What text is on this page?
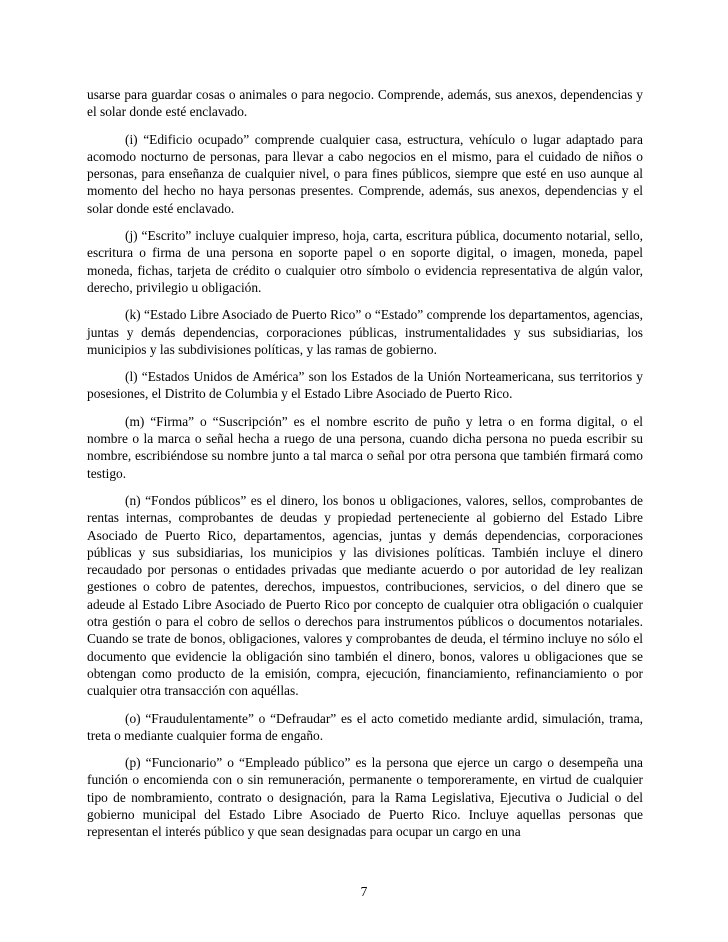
usarse para guardar cosas o animales o para negocio. Comprende, además, sus anexos, dependencias y el solar donde esté enclavado.

(i) “Edificio ocupado” comprende cualquier casa, estructura, vehículo o lugar adaptado para acomodo nocturno de personas, para llevar a cabo negocios en el mismo, para el cuidado de niños o personas, para enseñanza de cualquier nivel, o para fines públicos, siempre que esté en uso aunque al momento del hecho no haya personas presentes. Comprende, además, sus anexos, dependencias y el solar donde esté enclavado.

(j) “Escrito” incluye cualquier impreso, hoja, carta, escritura pública, documento notarial, sello, escritura o firma de una persona en soporte papel o en soporte digital, o imagen, moneda, papel moneda, fichas, tarjeta de crédito o cualquier otro símbolo o evidencia representativa de algún valor, derecho, privilegio u obligación.

(k) “Estado Libre Asociado de Puerto Rico” o “Estado” comprende los departamentos, agencias, juntas y demás dependencias, corporaciones públicas, instrumentalidades y sus subsidiarias, los municipios y las subdivisiones políticas, y las ramas de gobierno.

(l) “Estados Unidos de América” son los Estados de la Unión Norteamericana, sus territorios y posesiones, el Distrito de Columbia y el Estado Libre Asociado de Puerto Rico.

(m) “Firma” o “Suscripción” es el nombre escrito de puño y letra o en forma digital, o el nombre o la marca o señal hecha a ruego de una persona, cuando dicha persona no pueda escribir su nombre, escribiéndose su nombre junto a tal marca o señal por otra persona que también firmará como testigo.

(n) “Fondos públicos” es el dinero, los bonos u obligaciones, valores, sellos, comprobantes de rentas internas, comprobantes de deudas y propiedad perteneciente al gobierno del Estado Libre Asociado de Puerto Rico, departamentos, agencias, juntas y demás dependencias, corporaciones públicas y sus subsidiarias, los municipios y las divisiones políticas. También incluye el dinero recaudado por personas o entidades privadas que mediante acuerdo o por autoridad de ley realizan gestiones o cobro de patentes, derechos, impuestos, contribuciones, servicios, o del dinero que se adeude al Estado Libre Asociado de Puerto Rico por concepto de cualquier otra obligación o cualquier otra gestión o para el cobro de sellos o derechos para instrumentos públicos o documentos notariales. Cuando se trate de bonos, obligaciones, valores y comprobantes de deuda, el término incluye no sólo el documento que evidencie la obligación sino también el dinero, bonos, valores u obligaciones que se obtengan como producto de la emisión, compra, ejecución, financiamiento, refinanciamiento o por cualquier otra transacción con aquéllas.

(o) “Fraudulentamente” o “Defraudar” es el acto cometido mediante ardid, simulación, trama, treta o mediante cualquier forma de engaño.

(p) “Funcionario” o “Empleado público” es la persona que ejerce un cargo o desempeña una función o encomienda con o sin remuneración, permanente o temporeramente, en virtud de cualquier tipo de nombramiento, contrato o designación, para la Rama Legislativa, Ejecutiva o Judicial o del gobierno municipal del Estado Libre Asociado de Puerto Rico. Incluye aquellas personas que representan el interés público y que sean designadas para ocupar un cargo en una

7
